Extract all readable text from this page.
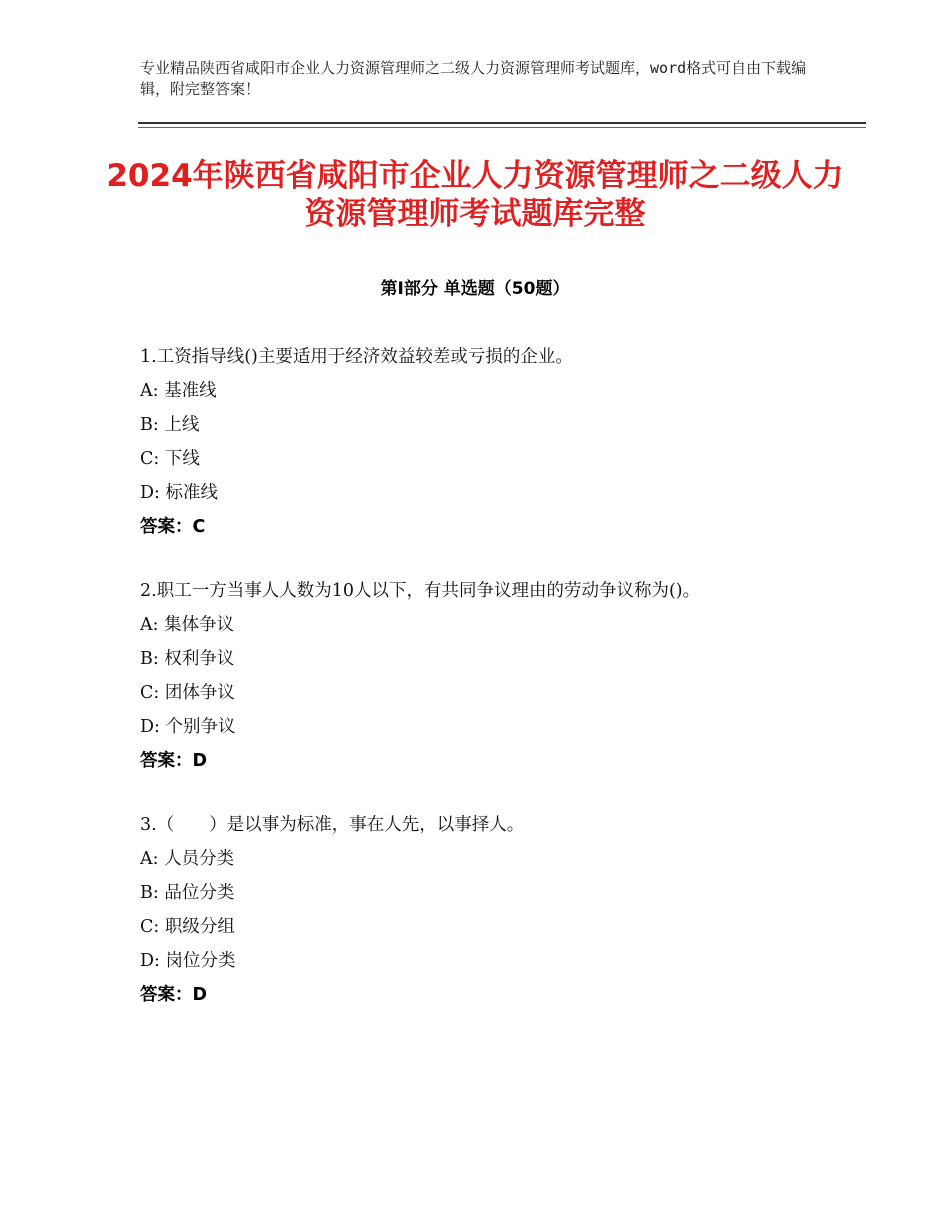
专业精品陕西省咸阳市企业人力资源管理师之二级人力资源管理师考试题库，word格式可自由下载编辑，附完整答案！
2024年陕西省咸阳市企业人力资源管理师之二级人力资源管理师考试题库完整
第I部分 单选题（50题）
1.工资指导线()主要适用于经济效益较差或亏损的企业。
A: 基准线
B: 上线
C: 下线
D: 标准线
答案：C
2.职工一方当事人人数为10人以下，有共同争议理由的劳动争议称为()。
A: 集体争议
B: 权利争议
C: 团体争议
D: 个别争议
答案：D
3.（　　）是以事为标准，事在人先，以事择人。
A: 人员分类
B: 品位分类
C: 职级分组
D: 岗位分类
答案：D
